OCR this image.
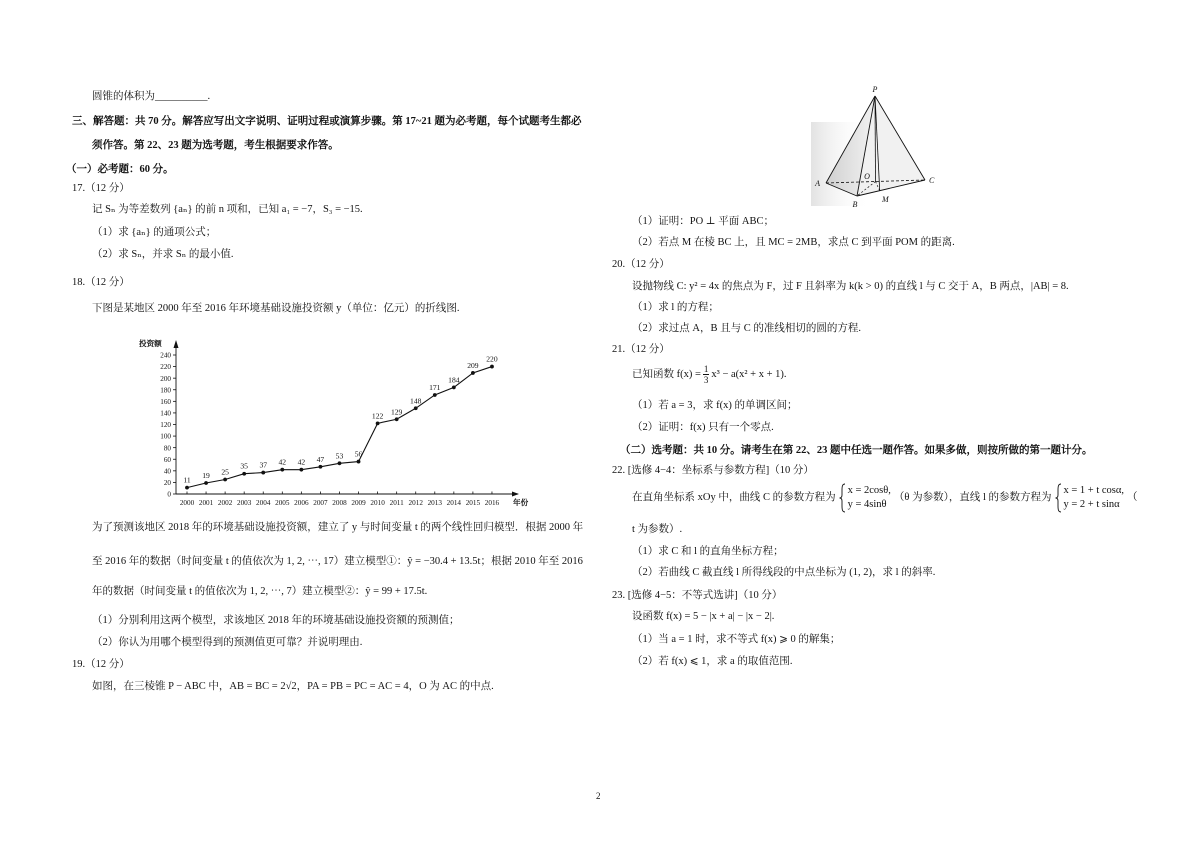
圆锥的体积为__________.
三、解答题：共 70 分。解答应写出文字说明、证明过程或演算步骤。第 17~21 题为必考题，每个试题考生都必
须作答。第 22、23 题为选考题，考生根据要求作答。
（一）必考题：60 分。
17.（12 分）
记 Sₙ 为等差数列 {aₙ} 的前 n 项和，已知 a₁ = −7，S₃ = −15.
（1）求 {aₙ} 的通项公式；
（2）求 Sₙ，并求 Sₙ 的最小值.
18.（12 分）
下图是某地区 2000 年至 2016 年环境基础设施投资额 y（单位：亿元）的折线图.
0
20
40
60
80
100
120
140
160
180
200
220
240
2000 2001 2002 2003 2004 2005 2006 2007 2008 2009 2010 2011 2012 2013 2014 2015 2016
投资额
年份
11
19 25
35 37 42 42 47 53 56
122 129
148
171
184
209
220
为了预测该地区 2018 年的环境基础设施投资额，建立了 y 与时间变量 t 的两个线性回归模型．根据 2000 年
至 2016 年的数据（时间变量 t 的值依次为 1, 2, ⋯, 17）建立模型①：ŷ = −30.4 + 13.5t；根据 2010 年至 2016
年的数据（时间变量 t 的值依次为 1, 2, ⋯, 7）建立模型②：ŷ = 99 + 17.5t.
（1）分别利用这两个模型，求该地区 2018 年的环境基础设施投资额的预测值；
（2）你认为用哪个模型得到的预测值更可靠？并说明理由.
19.（12 分）
如图，在三棱锥 P − ABC 中，AB = BC = 2√2，PA = PB = PC = AC = 4，O 为 AC 的中点.
P
A
B
C
O
M
（1）证明：PO ⊥ 平面 ABC；
（2）若点 M 在棱 BC 上，且 MC = 2MB，求点 C 到平面 POM 的距离.
20.（12 分）
设抛物线 C: y² = 4x 的焦点为 F，过 F 且斜率为 k(k > 0) 的直线 l 与 C 交于 A，B 两点，|AB| = 8.
（1）求 l 的方程；
（2）求过点 A，B 且与 C 的准线相切的圆的方程.
21.（12 分）
已知函数 $f(x) = \frac{1}{3} x^3 - a(x^2 + x + 1)$.
（1）若 a = 3，求 f(x) 的单调区间；
（2）证明：f(x) 只有一个零点.
（二）选考题：共 10 分。请考生在第 22、23 题中任选一题作答。如果多做，则按所做的第一题计分。
22. [选修 4−4：坐标系与参数方程]（10 分）
在直角坐标系 xOy 中，曲线 C 的参数方程为
x = 2cosθ,
y = 4sinθ
（θ 为参数），直线 l 的参数方程为
x = 1 + t cosα,
y = 2 + t sinα
（
t 为参数）.
（1）求 C 和 l 的直角坐标方程；
（2）若曲线 C 截直线 l 所得线段的中点坐标为 (1, 2)，求 l 的斜率.
23. [选修 4−5：不等式选讲]（10 分）
设函数 f(x) = 5 − |x + a| − |x − 2|.
（1）当 a = 1 时，求不等式 f(x) ⩾ 0 的解集；
（2）若 f(x) ⩽ 1，求 a 的取值范围.
2
